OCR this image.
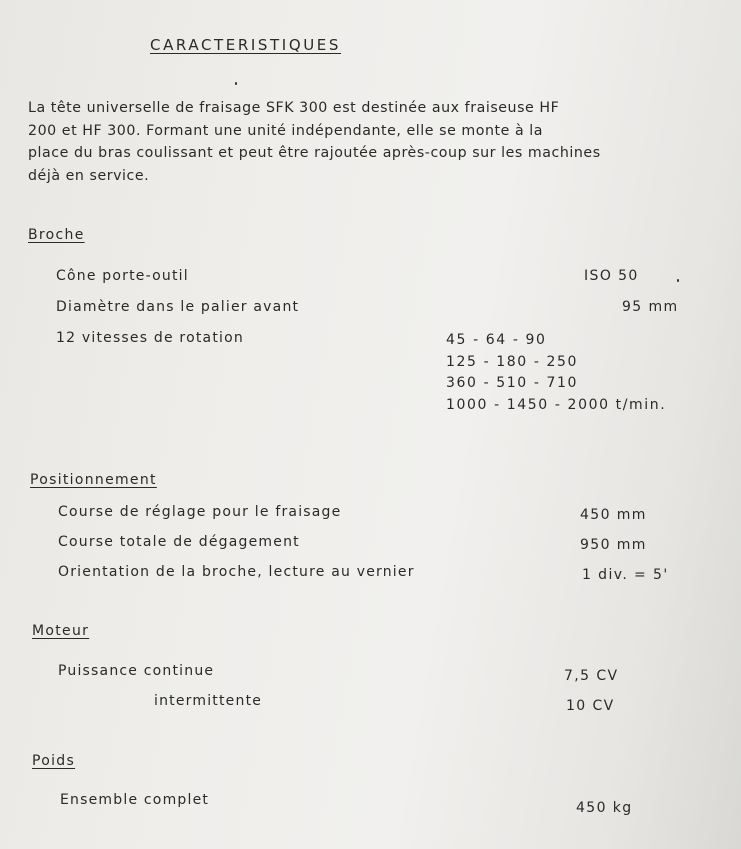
CARACTERISTIQUES
La tête universelle de fraisage SFK 300 est destinée aux fraiseuse HF
200 et HF 300. Formant une unité indépendante, elle se monte à la
place du bras coulissant et peut être rajoutée après-coup sur les machines
déjà en service.
Broche
Cône porte-outil	ISO 50
Diamètre dans le palier avant	95 mm
12 vitesses de rotation	45 - 64 - 90
125 - 180 - 250
360 - 510 - 710
1000 - 1450 - 2000 t/min.
Positionnement
Course de réglage pour le fraisage	450 mm
Course totale de dégagement	950 mm
Orientation de la broche, lecture au vernier	1 div. = 5'
Moteur
Puissance continue	7,5 CV
intermittente	10 CV
Poids
Ensemble complet	450 kg
